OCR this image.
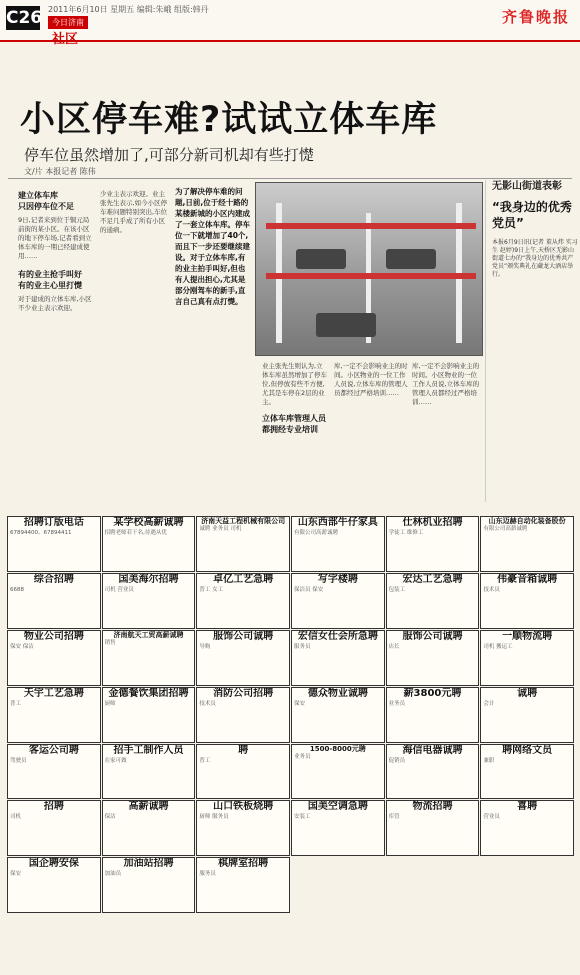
C26 2011年6月10日 星期五 编辑:朱峨 组版:韩丹
今日济南
社区
齐鲁晚报
小区停车难?试试立体车库
停车位虽然增加了,可部分新司机却有些打憷
文/片 本报记者 陈伟
建立体车库
只因停车位不足
9日,记者来到位于铜元局前街的某小区。在该小区的地下停车场,记者看到立体车库的一期已经建成使用……
有的业主抢手叫好
有的业主心里打憷
对于建成的立体车库,小区不少业主表示欢迎。
少业主表示欢迎。业主张先生表示,如今小区停车难问题特别突出,车位不足几乎成了所有小区的通病。
为了解决停车难的问题,日前,位于经十路的某楼新城的小区内建成了一套立体车库。停车位一下就增加了40个,而且下一步还要继续建设。对于立体车库,有的业主拍手叫好,但也有人提出担心,尤其是部分刚驾车的新手,直言自己真有点打憷。
业主张先生则认为,立体车库虽然增加了停车位,但停放有些不方便,尤其是车停在2层的业主。
立体车库管理人员
都拥经专业培训
库,一定不会影响业主的时间。小区物业的一位工作人员说,立体车库的管理人员都经过严格培训……
库,一定不会影响业主的时间。小区物业的一位工作人员说,立体车库的管理人员都经过严格培训……
无影山街道表彰
“我身边的优秀党员”
本报6月9日讯(记者 董从炜 实习生 赵婷)9日上午,天桥区无影山街道七办的“我身边的优秀共产党员”颁奖典礼在藏龙大酒店举行。
招聘订版电话
67894400、67894411
某学校高薪诚聘
招聘老师若干名,待遇从优
济南天益工程机械有限公司
诚聘 业务员 司机
山东西部牛仔家具
有限公司高薪诚聘
仕林机业招聘
学徒工 维修工
山东迈赫自动化装备股份
有限公司高薪诚聘
综合招聘
6688
国美海尔招聘
司机 营业员
卓亿工艺急聘
普工 女工
写字楼聘
保洁员 保安
宏达工艺急聘
包装工
伟豪音箱诚聘
技术员
物业公司招聘
保安 保洁
济南航天工贸高薪诚聘
销售
服饰公司诚聘
导购
宏信女仕会所急聘
服务员
服饰公司诚聘
店长
一顺物流聘
司机 搬运工
天宇工艺急聘
普工
金德餐饮集团招聘
厨师
消防公司招聘
技术员
德众物业诚聘
保安
薪3800元聘
业务员
诚聘
会计
客运公司聘
驾驶员
招手工制作人员
在家可做
聘
普工
1500-8000元聘
业务员
海信电器诚聘
促销员
聘网络文员
兼职
招聘
司机
高薪诚聘
保洁
山口铁板烧聘
厨师 服务员
国美空调急聘
安装工
物流招聘
库管
喜聘
营业员
国企聘安保
保安
加油站招聘
加油员
棋牌室招聘
服务员
